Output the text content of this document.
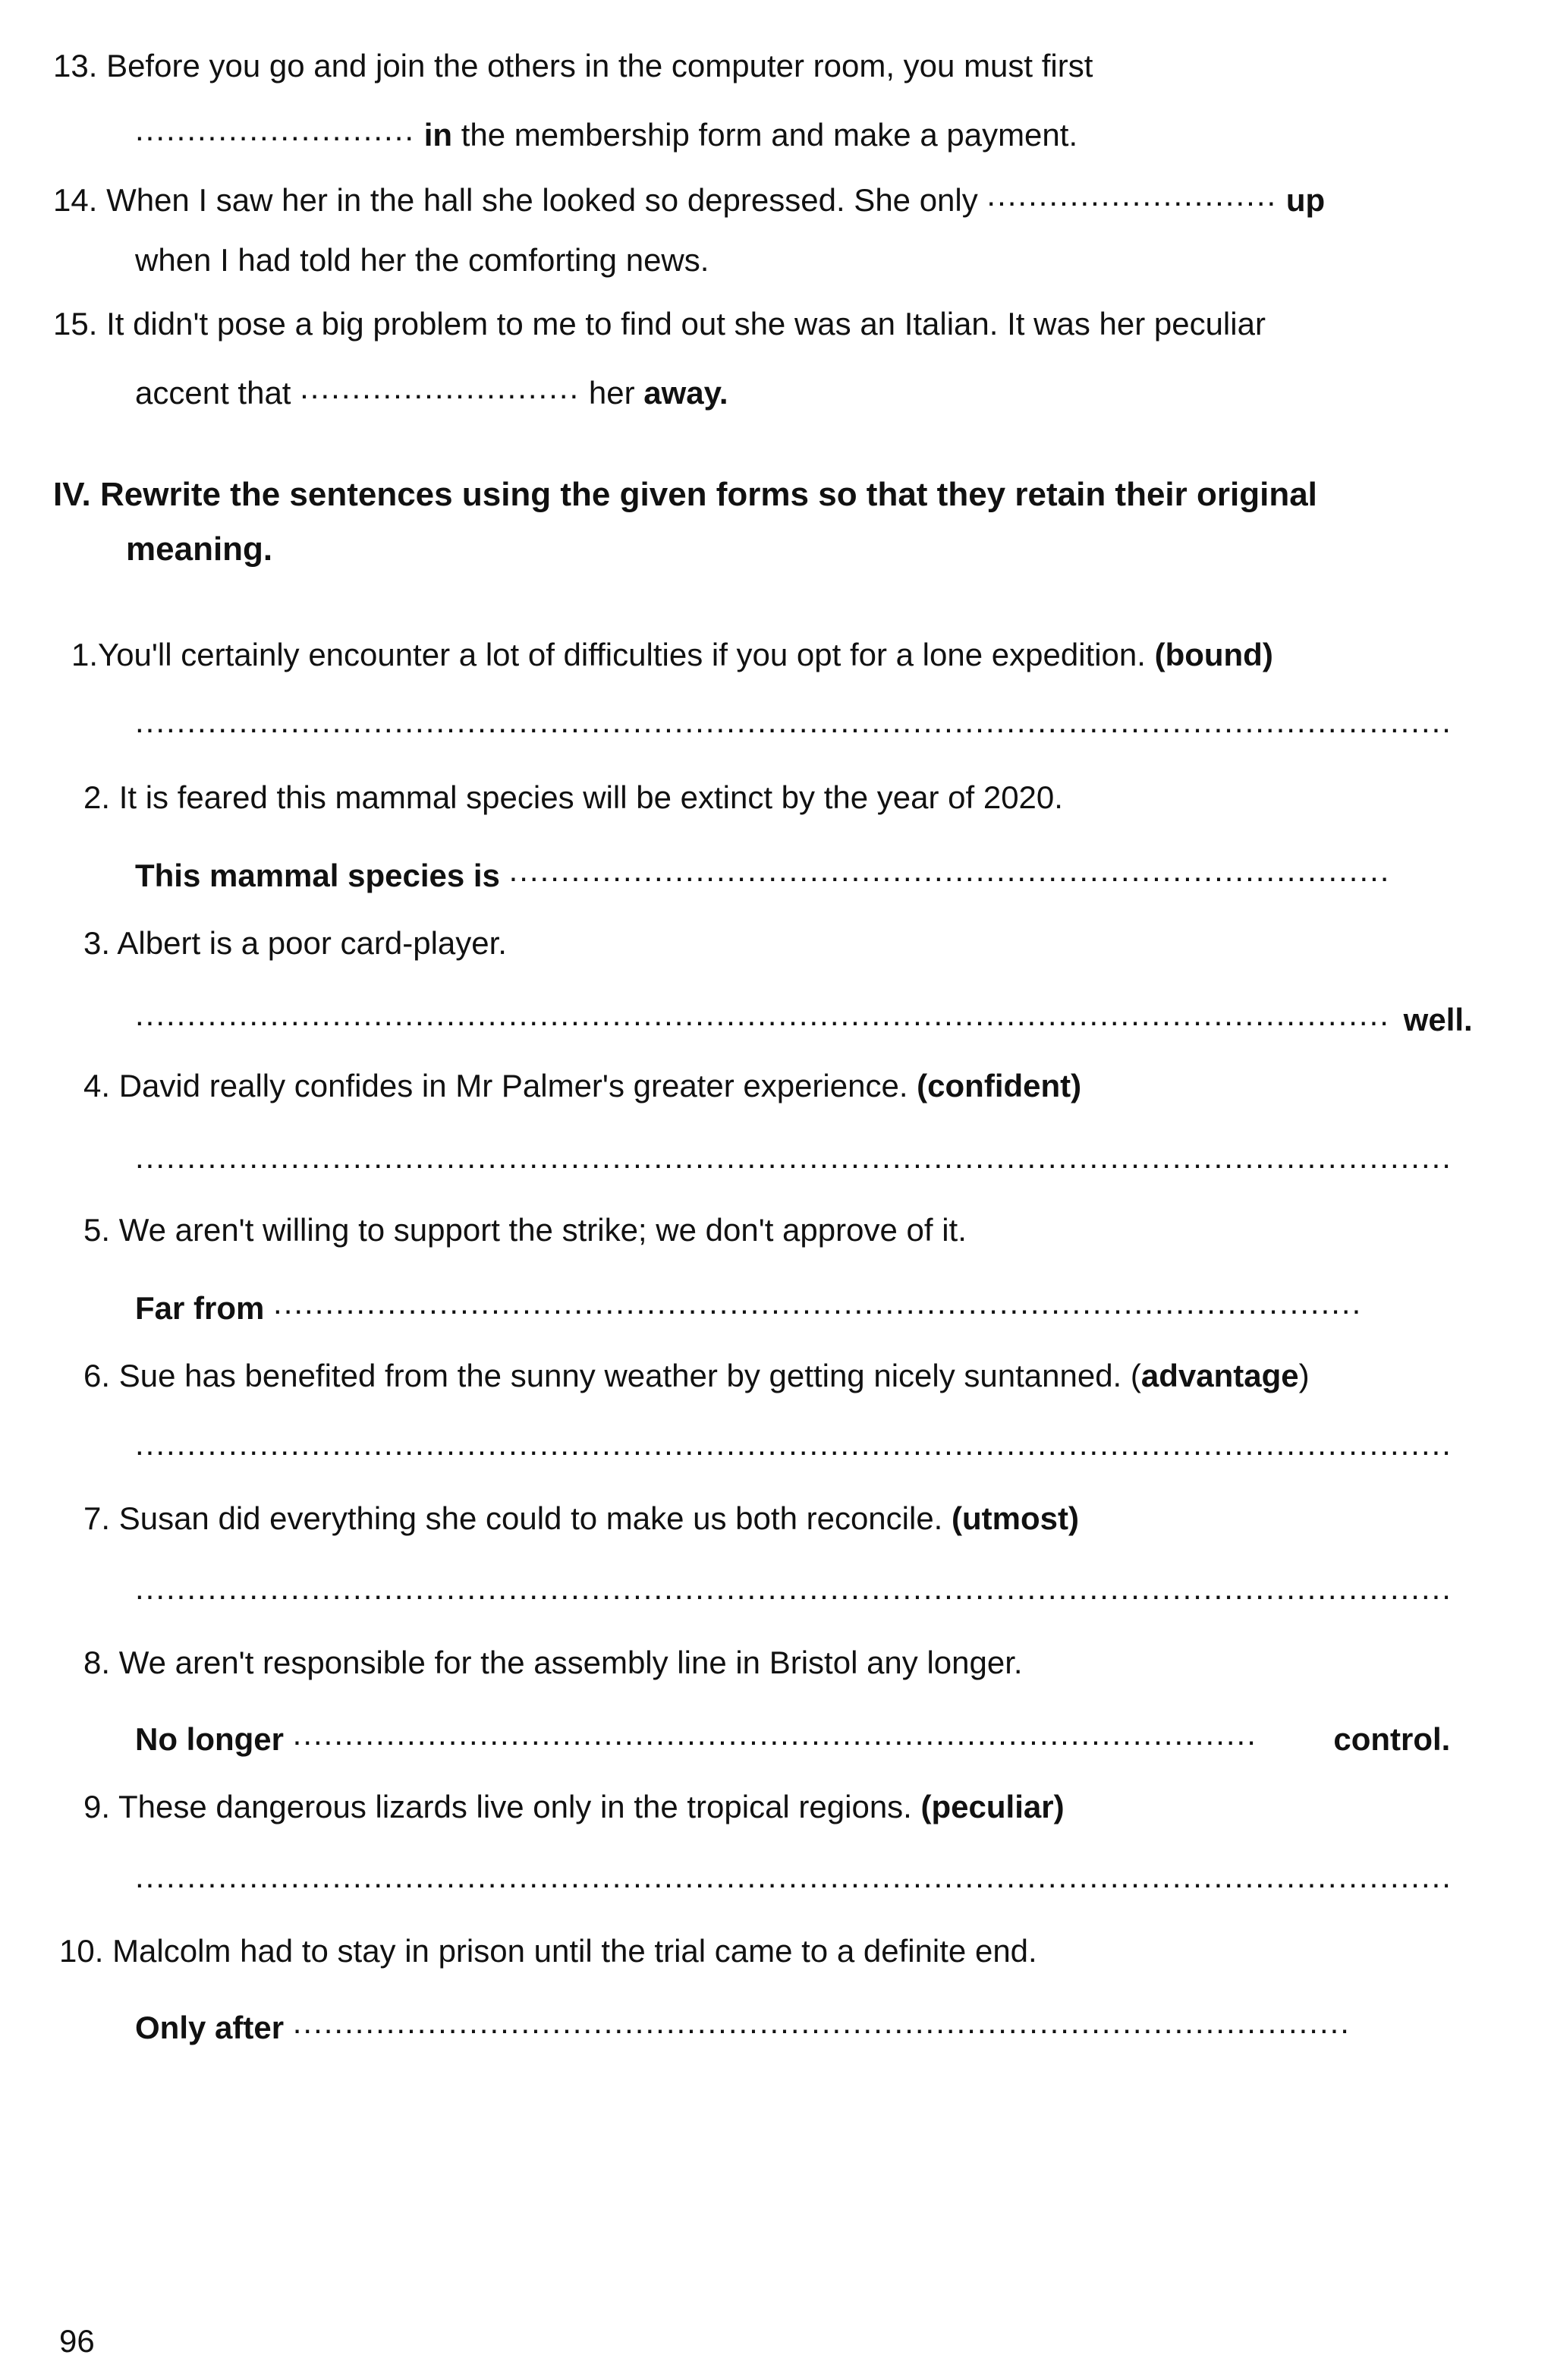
13. Before you go and join the others in the computer room, you must first
........................... in the membership form and make a payment.
14. When I saw her in the hall she looked so depressed. She only ............................ up
when I had told her the comforting news.
15. It didn't pose a big problem to me to find out she was an Italian. It was her peculiar
accent that ........................... her away.
IV. Rewrite the sentences using the given forms so that they retain their original
meaning.
1.You'll certainly encounter a lot of difficulties if you opt for a lone expedition. (bound)
...............................................................................................................................
2. It is feared this mammal species will be extinct by the year of 2020.
This mammal species is .....................................................................................
3. Albert is a poor card-player.
......................................................................................................................... well.
4. David really confides in Mr Palmer's greater experience. (confident)
...............................................................................................................................
5. We aren't willing to support the strike; we don't approve of it.
Far from .........................................................................................................
6. Sue has benefited from the sunny weather by getting nicely suntanned. (advantage)
...............................................................................................................................
7. Susan did everything she could to make us both reconcile. (utmost)
...............................................................................................................................
8. We aren't responsible for the assembly line in Bristol any longer.
No longer ............................................................................................. control.
9. These dangerous lizards live only in the tropical regions. (peculiar)
...............................................................................................................................
10. Malcolm had to stay in prison until the trial came to a definite end.
Only after ......................................................................................................
96
